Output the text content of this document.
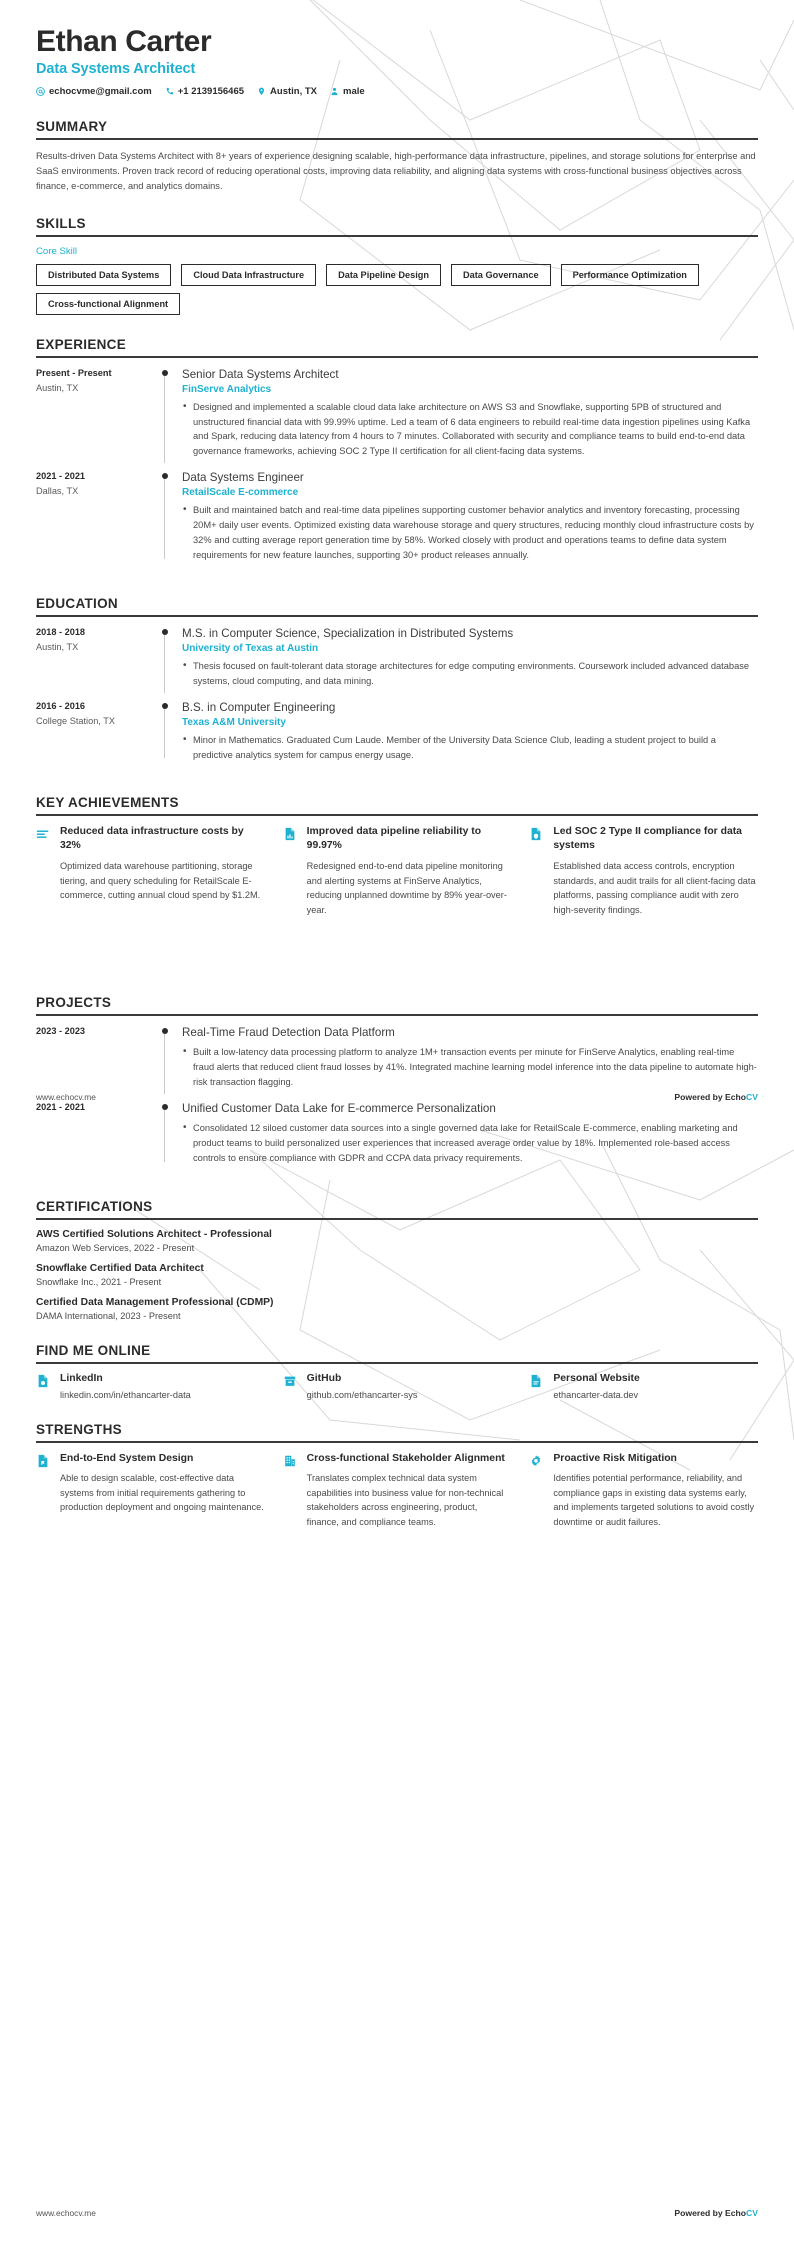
Ethan Carter
Data Systems Architect
echocvme@gmail.com	+1 2139156465	Austin, TX	male
SUMMARY
Results-driven Data Systems Architect with 8+ years of experience designing scalable, high-performance data infrastructure, pipelines, and storage solutions for enterprise and SaaS environments. Proven track record of reducing operational costs, improving data reliability, and aligning data systems with cross-functional business objectives across finance, e-commerce, and analytics domains.
SKILLS
Core Skill
Distributed Data Systems	Cloud Data Infrastructure	Data Pipeline Design	Data Governance	Performance Optimization
Cross-functional Alignment
EXPERIENCE
Present - Present
Austin, TX
Senior Data Systems Architect
FinServe Analytics
• Designed and implemented a scalable cloud data lake architecture on AWS S3 and Snowflake, supporting 5PB of structured and unstructured financial data with 99.99% uptime. Led a team of 6 data engineers to rebuild real-time data ingestion pipelines using Kafka and Spark, reducing data latency from 4 hours to 7 minutes. Collaborated with security and compliance teams to build end-to-end data governance frameworks, achieving SOC 2 Type II certification for all client-facing data systems.
2021 - 2021
Dallas, TX
Data Systems Engineer
RetailScale E-commerce
• Built and maintained batch and real-time data pipelines supporting customer behavior analytics and inventory forecasting, processing 20M+ daily user events. Optimized existing data warehouse storage and query structures, reducing monthly cloud infrastructure costs by 32% and cutting average report generation time by 58%. Worked closely with product and operations teams to define data system requirements for new feature launches, supporting 30+ product releases annually.
EDUCATION
2018 - 2018
Austin, TX
M.S. in Computer Science, Specialization in Distributed Systems
University of Texas at Austin
• Thesis focused on fault-tolerant data storage architectures for edge computing environments. Coursework included advanced database systems, cloud computing, and data mining.
2016 - 2016
College Station, TX
B.S. in Computer Engineering
Texas A&M University
• Minor in Mathematics. Graduated Cum Laude. Member of the University Data Science Club, leading a student project to build a predictive analytics system for campus energy usage.
KEY ACHIEVEMENTS
Reduced data infrastructure costs by 32%
Optimized data warehouse partitioning, storage tiering, and query scheduling for RetailScale E-commerce, cutting annual cloud spend by $1.2M.
Improved data pipeline reliability to 99.97%
Redesigned end-to-end data pipeline monitoring and alerting systems at FinServe Analytics, reducing unplanned downtime by 89% year-over-year.
Led SOC 2 Type II compliance for data systems
Established data access controls, encryption standards, and audit trails for all client-facing data platforms, passing compliance audit with zero high-severity findings.
PROJECTS
2023 - 2023	Real-Time Fraud Detection Data Platform
• Built a low-latency data processing platform to analyze 1M+ transaction events per minute for FinServe Analytics, enabling real-time fraud alerts that reduced client fraud losses by 41%. Integrated machine learning model inference into the data pipeline to automate high-risk transaction flagging.
2021 - 2021	Unified Customer Data Lake for E-commerce Personalization
• Consolidated 12 siloed customer data sources into a single governed data lake for RetailScale E-commerce, enabling marketing and product teams to build personalized user experiences that increased average order value by 18%. Implemented role-based access controls to ensure compliance with GDPR and CCPA data privacy requirements.
CERTIFICATIONS
AWS Certified Solutions Architect - Professional
Amazon Web Services, 2022 - Present
Snowflake Certified Data Architect
Snowflake Inc., 2021 - Present
Certified Data Management Professional (CDMP)
DAMA International, 2023 - Present
FIND ME ONLINE
LinkedIn
linkedin.com/in/ethancarter-data
GitHub
github.com/ethancarter-sys
Personal Website
ethancarter-data.dev
STRENGTHS
End-to-End System Design
Able to design scalable, cost-effective data systems from initial requirements gathering to production deployment and ongoing maintenance.
Cross-functional Stakeholder Alignment
Translates complex technical data system capabilities into business value for non-technical stakeholders across engineering, product, finance, and compliance teams.
Proactive Risk Mitigation
Identifies potential performance, reliability, and compliance gaps in existing data systems early, and implements targeted solutions to avoid costly downtime or audit failures.
www.echocv.me	Powered by EchoCV
www.echocv.me	Powered by EchoCV
